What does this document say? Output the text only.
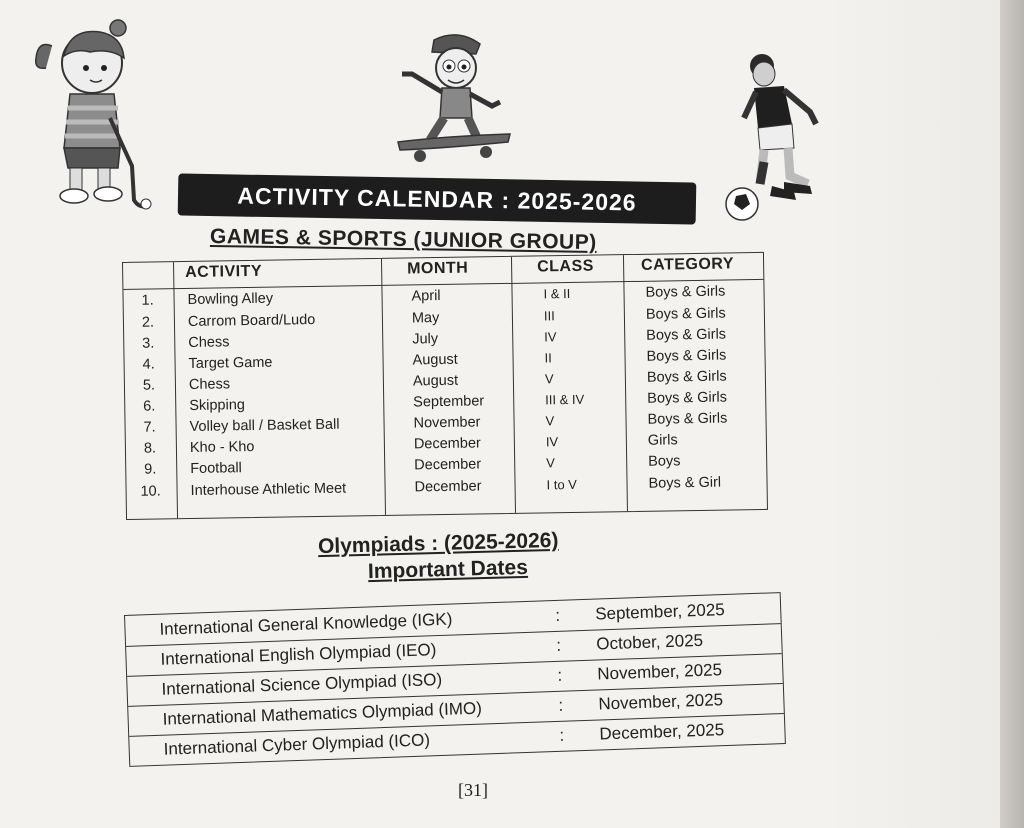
ACTIVITY CALENDAR : 2025-2026
GAMES & SPORTS (JUNIOR GROUP)
ACTIVITY	MONTH	CLASS	CATEGORY
1.	Bowling Alley	April	I & II	Boys & Girls
2.	Carrom Board/Ludo	May	III	Boys & Girls
3.	Chess	July	IV	Boys & Girls
4.	Target Game	August	II	Boys & Girls
5.	Chess	August	V	Boys & Girls
6.	Skipping	September	III & IV	Boys & Girls
7.	Volley ball / Basket Ball	November	V	Boys & Girls
8.	Kho - Kho	December	IV	Girls
9.	Football	December	V	Boys
10.	Interhouse Athletic Meet	December	I to V	Boys & Girl
Olympiads : (2025-2026)
Important Dates
International General Knowledge (IGK)	: September, 2025
International English Olympiad (IEO)	: October, 2025
International Science Olympiad (ISO)	: November, 2025
International Mathematics Olympiad (IMO)	: November, 2025
International Cyber Olympiad (ICO)	: December, 2025
[31]
